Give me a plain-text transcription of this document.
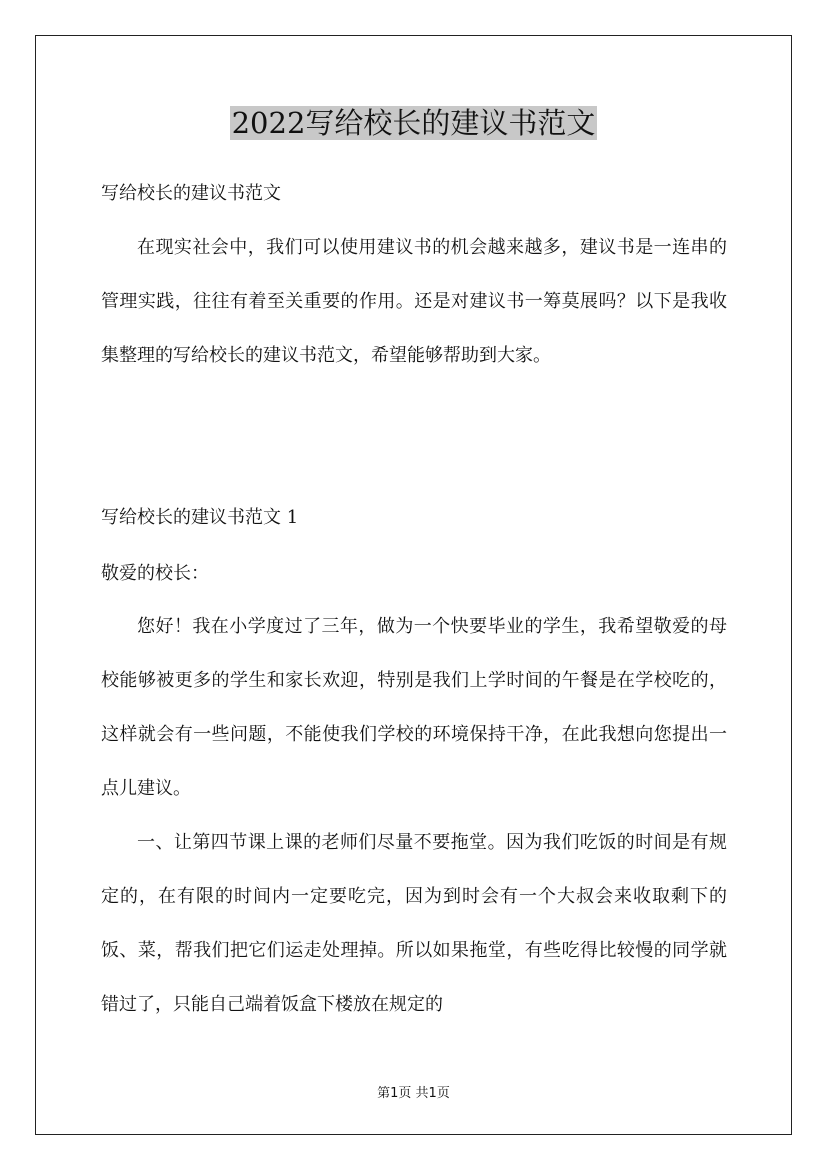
2022写给校长的建议书范文
写给校长的建议书范文
在现实社会中，我们可以使用建议书的机会越来越多，建议书是一连串的管理实践，往往有着至关重要的作用。还是对建议书一筹莫展吗？以下是我收集整理的写给校长的建议书范文，希望能够帮助到大家。
写给校长的建议书范文 1
敬爱的校长：
您好！我在小学度过了三年，做为一个快要毕业的学生，我希望敬爱的母校能够被更多的学生和家长欢迎，特别是我们上学时间的午餐是在学校吃的，这样就会有一些问题，不能使我们学校的环境保持干净，在此我想向您提出一点儿建议。
一、让第四节课上课的老师们尽量不要拖堂。因为我们吃饭的时间是有规定的，在有限的时间内一定要吃完，因为到时会有一个大叔会来收取剩下的饭、菜，帮我们把它们运走处理掉。所以如果拖堂，有些吃得比较慢的同学就错过了，只能自己端着饭盒下楼放在规定的
第1页 共1页
